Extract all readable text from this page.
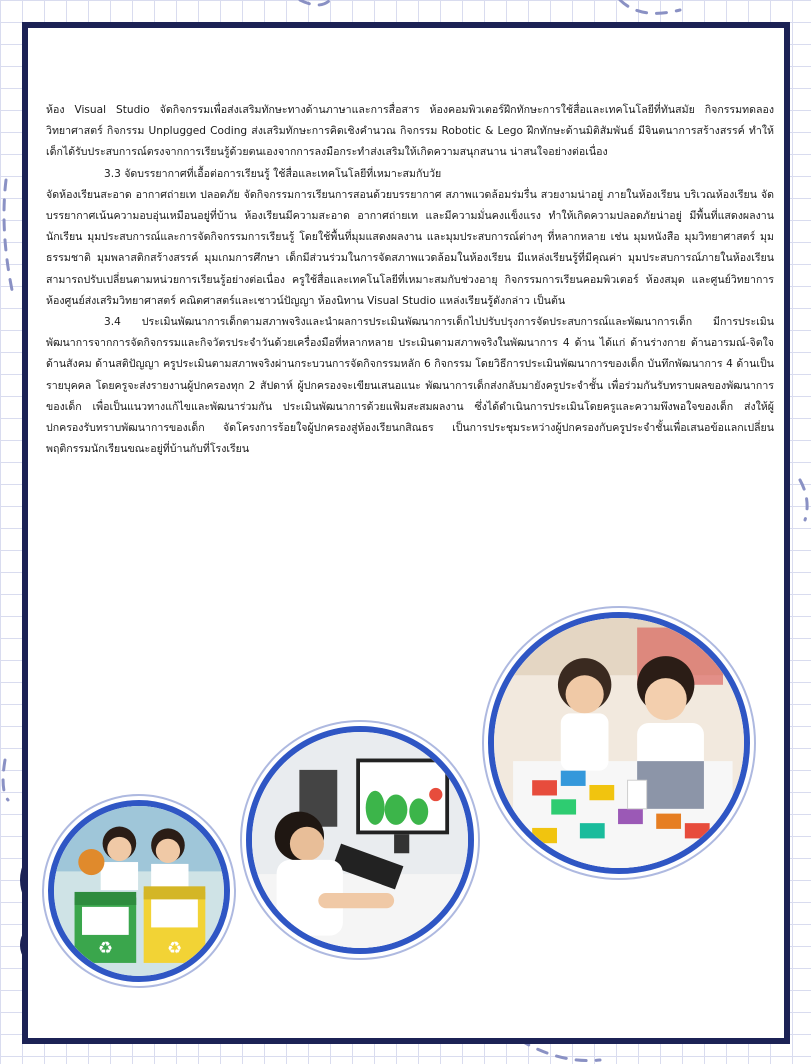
ห้อง Visual Studio จัดกิจกรรมเพื่อส่งเสริมทักษะทางด้านภาษาและการสื่อสาร ห้องคอมพิวเตอร์ฝึกทักษะการใช้สื่อและเทคโนโลยีที่ทันสมัย กิจกรรมทดลองวิทยาศาสตร์ กิจกรรม Unplugged Coding ส่งเสริมทักษะการคิดเชิงคำนวณ กิจกรรม Robotic & Lego ฝึกทักษะด้านมิติสัมพันธ์ มีจินตนาการสร้างสรรค์ ทำให้เด็กได้รับประสบการณ์ตรงจากการเรียนรู้ด้วยตนเองจากการลงมือกระทำส่งเสริมให้เกิดความสนุกสนาน น่าสนใจอย่างต่อเนื่อง

3.3 จัดบรรยากาศที่เอื้อต่อการเรียนรู้ ใช้สื่อและเทคโนโลยีที่เหมาะสมกับวัย

จัดห้องเรียนสะอาด อากาศถ่ายเท ปลอดภัย จัดกิจกรรมการเรียนการสอนด้วยบรรยากาศ สภาพแวดล้อมร่มรื่น สวยงามน่าอยู่ ภายในห้องเรียน บริเวณห้องเรียน จัดบรรยากาศเน้นความอบอุ่นเหมือนอยู่ที่บ้าน ห้องเรียนมีความสะอาด อากาศถ่ายเท และมีความมั่นคงแข็งแรง ทำให้เกิดความปลอดภัยน่าอยู่ มีพื้นที่แสดงผลงานนักเรียน มุมประสบการณ์และการจัดกิจกรรมการเรียนรู้ โดยใช้พื้นที่มุมแสดงผลงาน และมุมประสบการณ์ต่างๆ ที่หลากหลาย เช่น มุมหนังสือ มุมวิทยาศาสตร์ มุมธรรมชาติ มุมพลาสติกสร้างสรรค์ มุมเกมการศึกษา เด็กมีส่วนร่วมในการจัดสภาพแวดล้อมในห้องเรียน มีแหล่งเรียนรู้ที่มีคุณค่า มุมประสบการณ์ภายในห้องเรียนสามารถปรับเปลี่ยนตามหน่วยการเรียนรู้อย่างต่อเนื่อง ครูใช้สื่อและเทคโนโลยีที่เหมาะสมกับช่วงอายุ กิจกรรมการเรียนคอมพิวเตอร์ ห้องสมุด และศูนย์วิทยาการ ห้องศูนย์ส่งเสริมวิทยาศาสตร์ คณิตศาสตร์และเชาวน์ปัญญา ห้องนิทาน Visual Studio แหล่งเรียนรู้ดังกล่าว เป็นต้น

3.4 ประเมินพัฒนาการเด็กตามสภาพจริงและนำผลการประเมินพัฒนาการเด็กไปปรับปรุงการจัดประสบการณ์และพัฒนาการเด็ก มีการประเมินพัฒนาการจากการจัดกิจกรรมและกิจวัตรประจำวันด้วยเครื่องมือที่หลากหลาย ประเมินตามสภาพจริงในพัฒนาการ 4 ด้าน ได้แก่ ด้านร่างกาย ด้านอารมณ์-จิตใจ ด้านสังคม ด้านสติปัญญา ครูประเมินตามสภาพจริงผ่านกระบวนการจัดกิจกรรมหลัก 6 กิจกรรม โดยวิธีการประเมินพัฒนาการของเด็ก บันทึกพัฒนาการ 4 ด้านเป็นรายบุคคล โดยครูจะส่งรายงานผู้ปกครองทุก 2 สัปดาห์ ผู้ปกครองจะเขียนเสนอแนะ พัฒนาการเด็กส่งกลับมายังครูประจำชั้น เพื่อร่วมกันรับทราบผลของพัฒนาการของเด็ก เพื่อเป็นแนวทางแก้ไขและพัฒนาร่วมกัน ประเมินพัฒนาการด้วยแฟ้มสะสมผลงาน ซึ่งได้ดำเนินการประเมินโดยครูและความพึงพอใจของเด็ก ส่งให้ผู้ปกครองรับทราบพัฒนาการของเด็ก จัดโครงการร้อยใจผู้ปกครองสู่ห้องเรียนกสิณธร เป็นการประชุมระหว่างผู้ปกครองกับครูประจำชั้นเพื่อเสนอข้อแลกเปลี่ยนพฤติกรรมนักเรียนขณะอยู่ที่บ้านกับที่โรงเรียน

♻	♻
